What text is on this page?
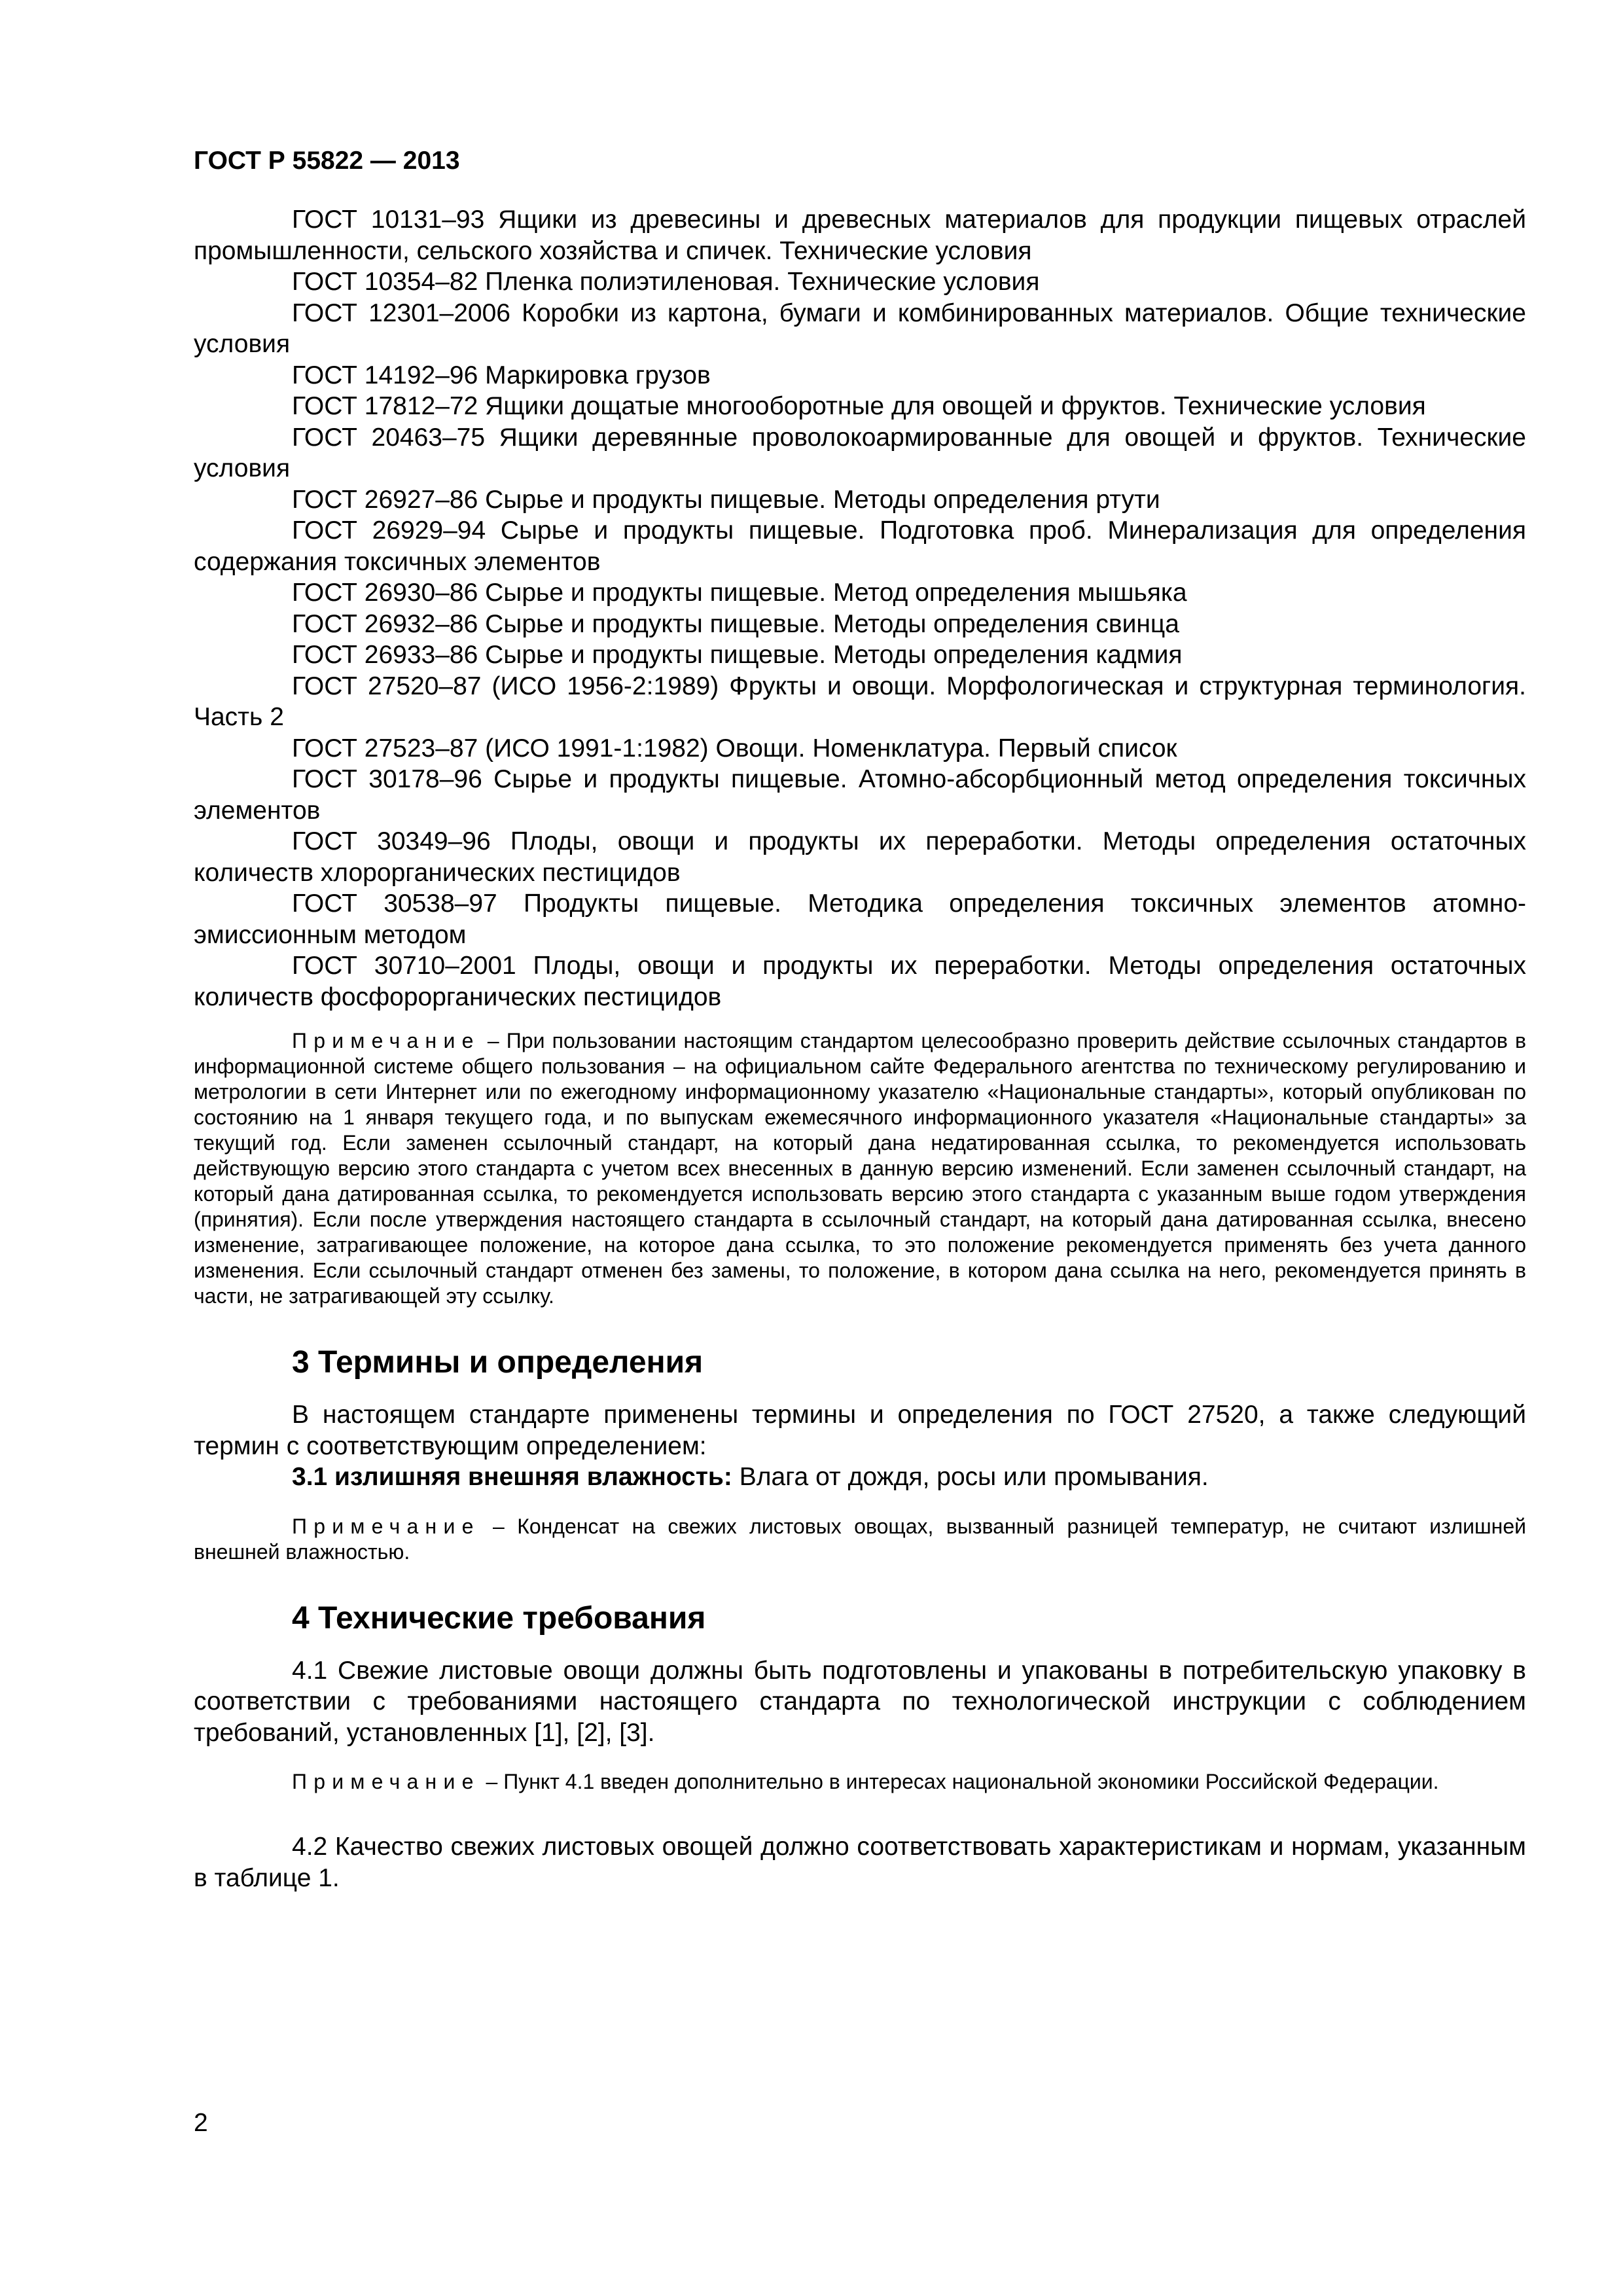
ГОСТ Р 55822 — 2013

ГОСТ 10131–93 Ящики из древесины и древесных материалов для продукции пищевых отраслей промышленности, сельского хозяйства и спичек. Технические условия

ГОСТ 10354–82 Пленка полиэтиленовая. Технические условия

ГОСТ 12301–2006 Коробки из картона, бумаги и комбинированных материалов. Общие технические условия

ГОСТ 14192–96 Маркировка грузов

ГОСТ 17812–72 Ящики дощатые многооборотные для овощей и фруктов. Технические условия

ГОСТ 20463–75 Ящики деревянные проволокоармированные для овощей и фруктов. Технические условия

ГОСТ 26927–86 Сырье и продукты пищевые. Методы определения ртути

ГОСТ 26929–94 Сырье и продукты пищевые. Подготовка проб. Минерализация для определения содержания токсичных элементов

ГОСТ 26930–86 Сырье и продукты пищевые. Метод определения мышьяка

ГОСТ 26932–86 Сырье и продукты пищевые. Методы определения свинца

ГОСТ 26933–86 Сырье и продукты пищевые. Методы определения кадмия

ГОСТ 27520–87 (ИСО 1956-2:1989) Фрукты и овощи. Морфологическая и структурная терминология. Часть 2

ГОСТ 27523–87 (ИСО 1991-1:1982) Овощи. Номенклатура. Первый список

ГОСТ 30178–96 Сырье и продукты пищевые. Атомно-абсорбционный метод определения токсичных элементов

ГОСТ 30349–96 Плоды, овощи и продукты их переработки. Методы определения остаточных количеств хлорорганических пестицидов

ГОСТ 30538–97 Продукты пищевые. Методика определения токсичных элементов атомно-эмиссионным методом

ГОСТ 30710–2001 Плоды, овощи и продукты их переработки. Методы определения остаточных количеств фосфорорганических пестицидов

Примечание – При пользовании настоящим стандартом целесообразно проверить действие ссылочных стандартов в информационной системе общего пользования – на официальном сайте Федерального агентства по техническому регулированию и метрологии в сети Интернет или по ежегодному информационному указателю «Национальные стандарты», который опубликован по состоянию на 1 января текущего года, и по выпускам ежемесячного информационного указателя «Национальные стандарты» за текущий год. Если заменен ссылочный стандарт, на который дана недатированная ссылка, то рекомендуется использовать действующую версию этого стандарта с учетом всех внесенных в данную версию изменений. Если заменен ссылочный стандарт, на который дана датированная ссылка, то рекомендуется использовать версию этого стандарта с указанным выше годом утверждения (принятия). Если после утверждения настоящего стандарта в ссылочный стандарт, на который дана датированная ссылка, внесено изменение, затрагивающее положение, на которое дана ссылка, то это положение рекомендуется применять без учета данного изменения. Если ссылочный стандарт отменен без замены, то положение, в котором дана ссылка на него, рекомендуется принять в части, не затрагивающей эту ссылку.

3 Термины и определения

В настоящем стандарте применены термины и определения по ГОСТ 27520, а также следующий термин с соответствующим определением:

3.1 излишняя внешняя влажность: Влага от дождя, росы или промывания.

Примечание – Конденсат на свежих листовых овощах, вызванный разницей температур, не считают излишней внешней влажностью.

4 Технические требования

4.1 Свежие листовые овощи должны быть подготовлены и упакованы в потребительскую упаковку в соответствии с требованиями настоящего стандарта по технологической инструкции с соблюдением требований, установленных [1], [2], [3].

Примечание – Пункт 4.1 введен дополнительно в интересах национальной экономики Российской Федерации.

4.2 Качество свежих листовых овощей должно соответствовать характеристикам и нормам, указанным в таблице 1.

2
